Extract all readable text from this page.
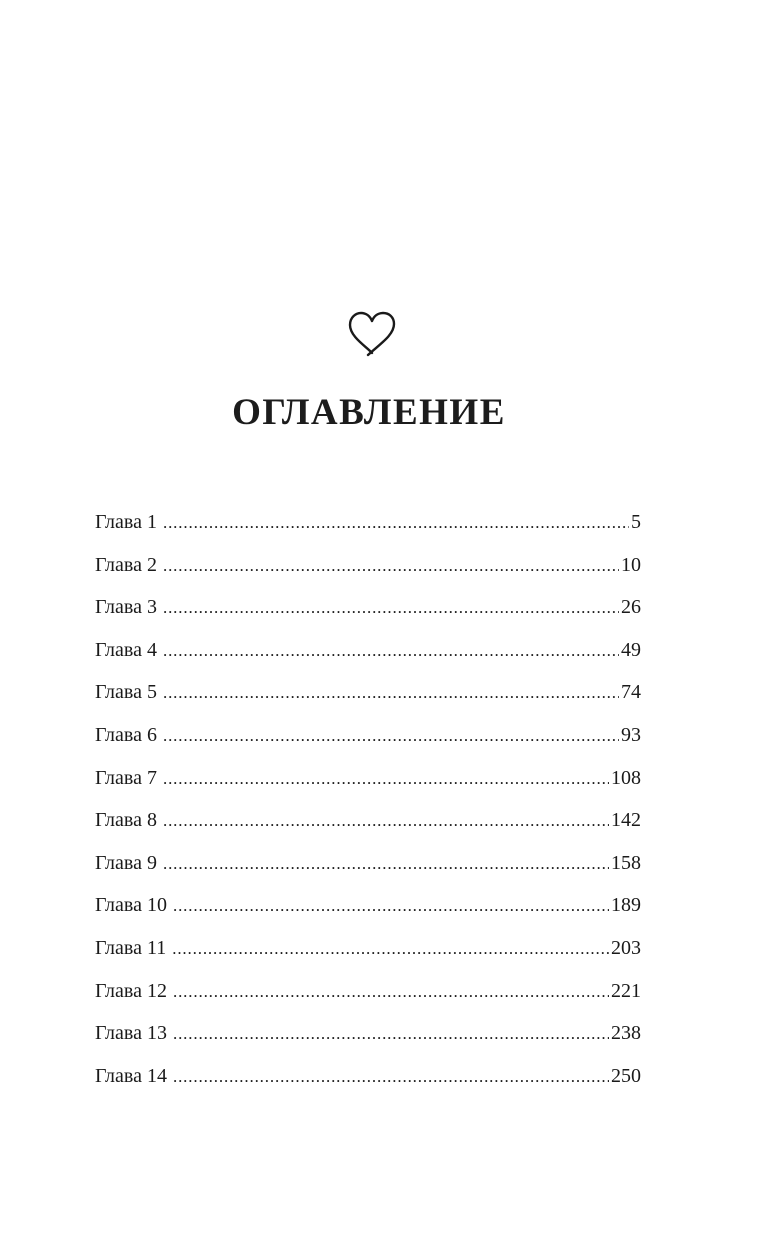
ОГЛАВЛЕНИЕ
Глава 1 . . .	5
Глава 2 . . .	10
Глава 3 . . .	26
Глава 4 . . .	49
Глава 5 . . .	74
Глава 6 . . .	93
Глава 7 . . .	108
Глава 8 . . .	142
Глава 9 . . .	158
Глава 10 . . .	189
Глава 11 . . .	203
Глава 12 . . .	221
Глава 13 . . .	238
Глава 14 . . .	250
